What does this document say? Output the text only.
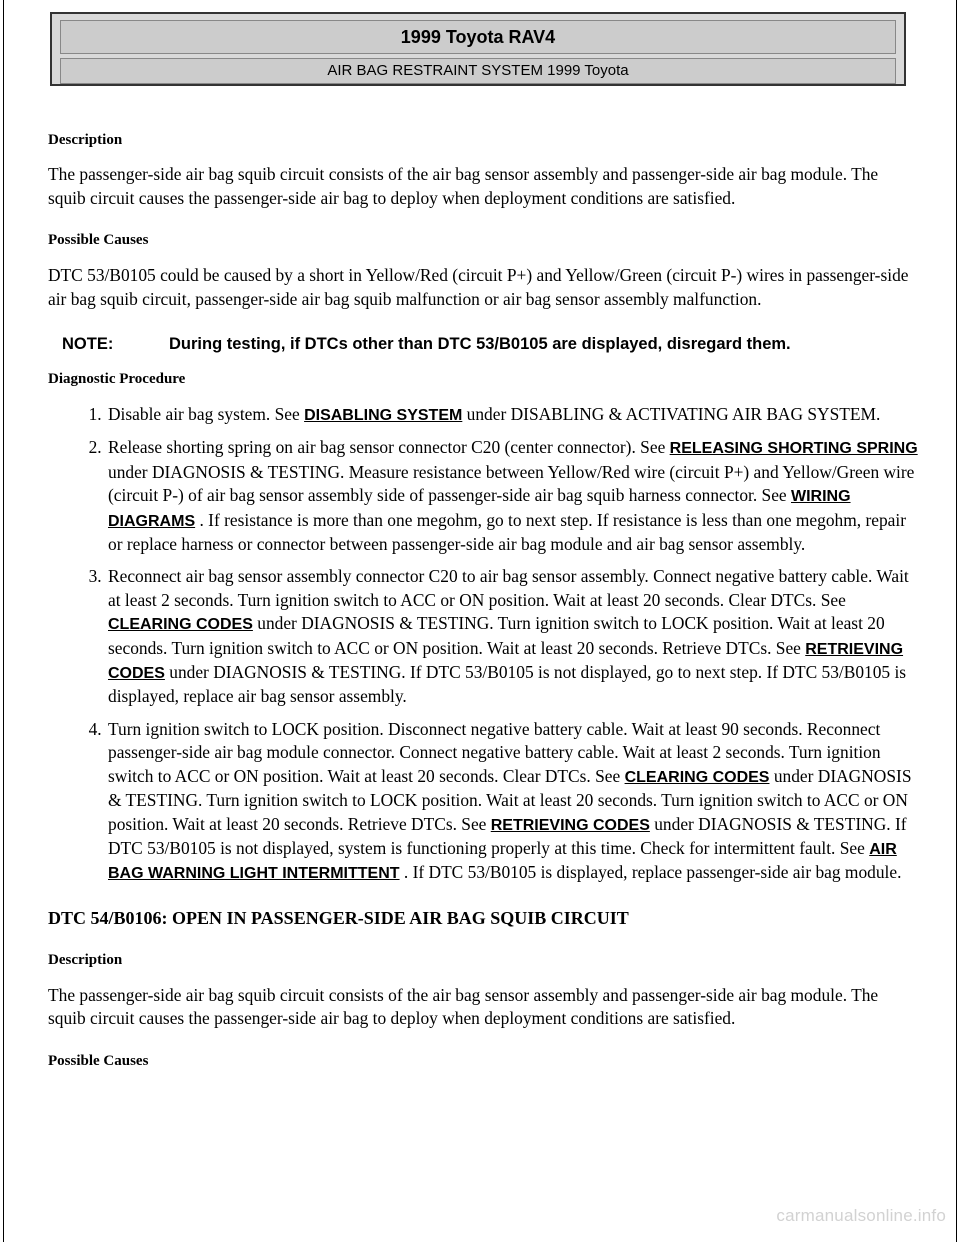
1999 Toyota RAV4
AIR BAG RESTRAINT SYSTEM 1999 Toyota

Description

The passenger-side air bag squib circuit consists of the air bag sensor assembly and passenger-side air bag module. The squib circuit causes the passenger-side air bag to deploy when deployment conditions are satisfied.

Possible Causes

DTC 53/B0105 could be caused by a short in Yellow/Red (circuit P+) and Yellow/Green (circuit P-) wires in passenger-side air bag squib circuit, passenger-side air bag squib malfunction or air bag sensor assembly malfunction.

NOTE:	During testing, if DTCs other than DTC 53/B0105 are displayed, disregard them.

Diagnostic Procedure

1. Disable air bag system. See DISABLING SYSTEM under DISABLING & ACTIVATING AIR BAG SYSTEM.
2. Release shorting spring on air bag sensor connector C20 (center connector). See RELEASING SHORTING SPRING under DIAGNOSIS & TESTING. Measure resistance between Yellow/Red wire (circuit P+) and Yellow/Green wire (circuit P-) of air bag sensor assembly side of passenger-side air bag squib harness connector. See WIRING DIAGRAMS . If resistance is more than one megohm, go to next step. If resistance is less than one megohm, repair or replace harness or connector between passenger-side air bag module and air bag sensor assembly.
3. Reconnect air bag sensor assembly connector C20 to air bag sensor assembly. Connect negative battery cable. Wait at least 2 seconds. Turn ignition switch to ACC or ON position. Wait at least 20 seconds. Clear DTCs. See CLEARING CODES under DIAGNOSIS & TESTING. Turn ignition switch to LOCK position. Wait at least 20 seconds. Turn ignition switch to ACC or ON position. Wait at least 20 seconds. Retrieve DTCs. See RETRIEVING CODES under DIAGNOSIS & TESTING. If DTC 53/B0105 is not displayed, go to next step. If DTC 53/B0105 is displayed, replace air bag sensor assembly.
4. Turn ignition switch to LOCK position. Disconnect negative battery cable. Wait at least 90 seconds. Reconnect passenger-side air bag module connector. Connect negative battery cable. Wait at least 2 seconds. Turn ignition switch to ACC or ON position. Wait at least 20 seconds. Clear DTCs. See CLEARING CODES under DIAGNOSIS & TESTING. Turn ignition switch to LOCK position. Wait at least 20 seconds. Turn ignition switch to ACC or ON position. Wait at least 20 seconds. Retrieve DTCs. See RETRIEVING CODES under DIAGNOSIS & TESTING. If DTC 53/B0105 is not displayed, system is functioning properly at this time. Check for intermittent fault. See AIR BAG WARNING LIGHT INTERMITTENT . If DTC 53/B0105 is displayed, replace passenger-side air bag module.

DTC 54/B0106: OPEN IN PASSENGER-SIDE AIR BAG SQUIB CIRCUIT

Description

The passenger-side air bag squib circuit consists of the air bag sensor assembly and passenger-side air bag module. The squib circuit causes the passenger-side air bag to deploy when deployment conditions are satisfied.

Possible Causes

carmanualsonline.info
